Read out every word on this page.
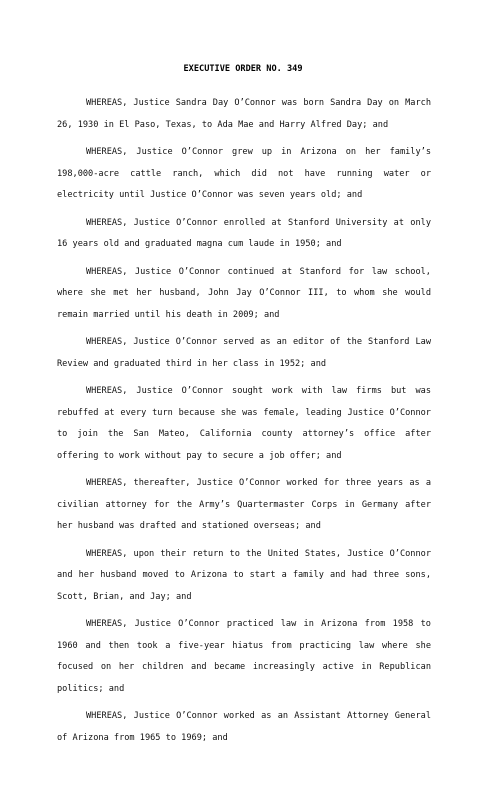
EXECUTIVE ORDER NO. 349

WHEREAS, Justice Sandra Day O’Connor was born Sandra Day on March 26, 1930 in El Paso, Texas, to Ada Mae and Harry Alfred Day; and

WHEREAS, Justice O’Connor grew up in Arizona on her family’s 198,000-acre cattle ranch, which did not have running water or electricity until Justice O’Connor was seven years old; and

WHEREAS, Justice O’Connor enrolled at Stanford University at only 16 years old and graduated magna cum laude in 1950; and

WHEREAS, Justice O’Connor continued at Stanford for law school, where she met her husband, John Jay O’Connor III, to whom she would remain married until his death in 2009; and

WHEREAS, Justice O’Connor served as an editor of the Stanford Law Review and graduated third in her class in 1952; and

WHEREAS, Justice O’Connor sought work with law firms but was rebuffed at every turn because she was female, leading Justice O’Connor to join the San Mateo, California county attorney’s office after offering to work without pay to secure a job offer; and

WHEREAS, thereafter, Justice O’Connor worked for three years as a civilian attorney for the Army’s Quartermaster Corps in Germany after her husband was drafted and stationed overseas; and

WHEREAS, upon their return to the United States, Justice O’Connor and her husband moved to Arizona to start a family and had three sons, Scott, Brian, and Jay; and

WHEREAS, Justice O’Connor practiced law in Arizona from 1958 to 1960 and then took a five-year hiatus from practicing law where she focused on her children and became increasingly active in Republican politics; and

WHEREAS, Justice O’Connor worked as an Assistant Attorney General of Arizona from 1965 to 1969; and
